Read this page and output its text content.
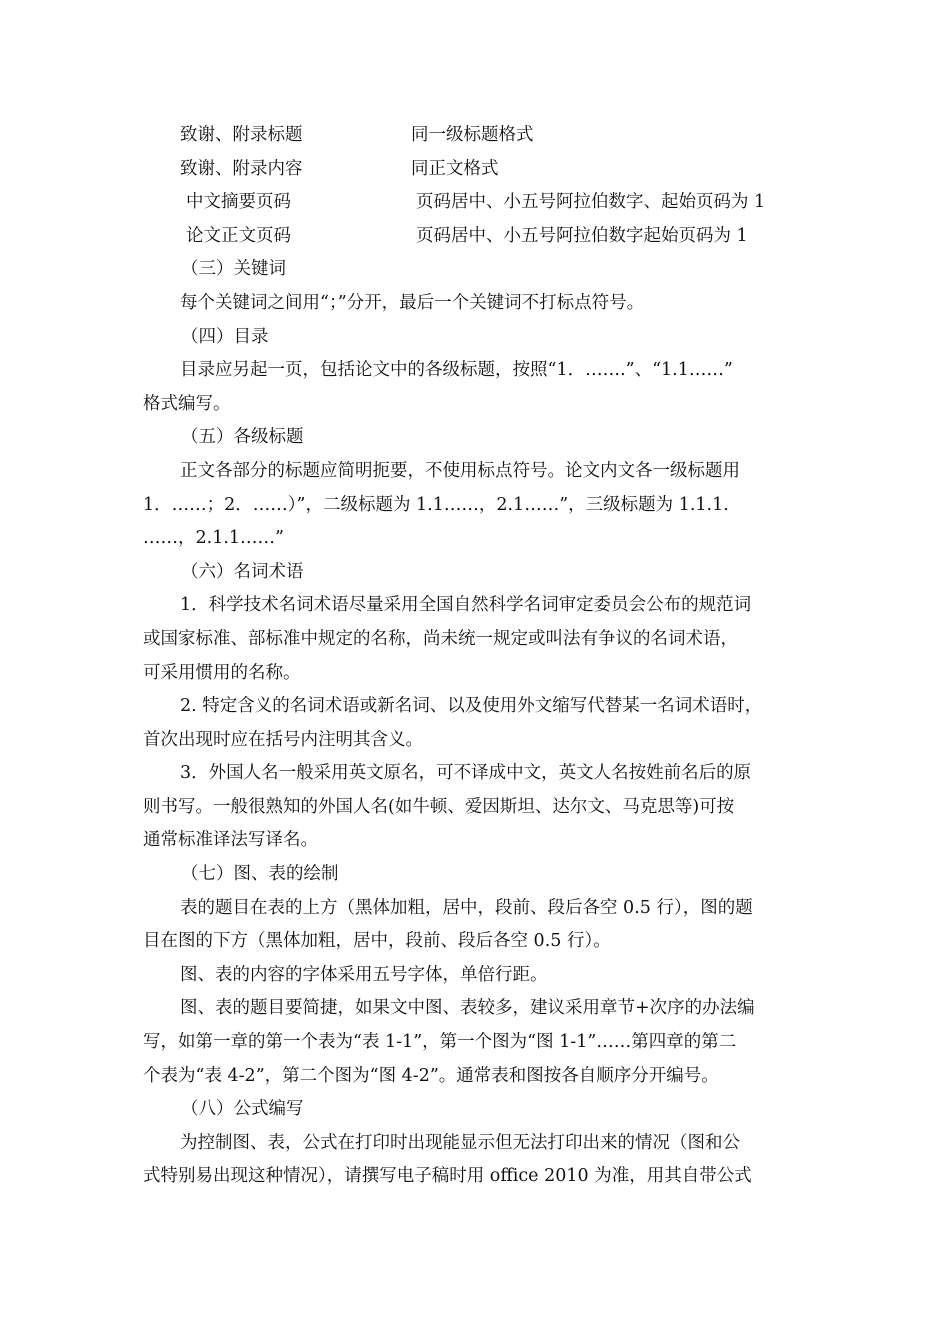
致谢、附录标题	同一级标题格式
致谢、附录内容	同正文格式
中文摘要页码	页码居中、小五号阿拉伯数字、起始页码为 1
论文正文页码	页码居中、小五号阿拉伯数字起始页码为 1
（三）关键词
每个关键词之间用“；”分开，最后一个关键词不打标点符号。
（四）目录
目录应另起一页，包括论文中的各级标题，按照“1．…….”、“1.1……”
格式编写。
（五）各级标题
正文各部分的标题应简明扼要，不使用标点符号。论文内文各一级标题用
1．……；2．……）”，二级标题为 1.1……，2.1……”，三级标题为 1.1.1.
……，2.1.1……”
（六）名词术语
1．科学技术名词术语尽量采用全国自然科学名词审定委员会公布的规范词
或国家标准、部标准中规定的名称，尚未统一规定或叫法有争议的名词术语，
可采用惯用的名称。
2. 特定含义的名词术语或新名词、以及使用外文缩写代替某一名词术语时，
首次出现时应在括号内注明其含义。
3．外国人名一般采用英文原名，可不译成中文，英文人名按姓前名后的原
则书写。一般很熟知的外国人名(如牛顿、爱因斯坦、达尔文、马克思等)可按
通常标准译法写译名。
（七）图、表的绘制
表的题目在表的上方（黑体加粗，居中，段前、段后各空 0.5 行），图的题
目在图的下方（黑体加粗，居中，段前、段后各空 0.5 行）。
图、表的内容的字体采用五号字体，单倍行距。
图、表的题目要简捷，如果文中图、表较多，建议采用章节+次序的办法编
写，如第一章的第一个表为“表 1-1”，第一个图为“图 1-1”……第四章的第二
个表为“表 4-2”，第二个图为“图 4-2”。通常表和图按各自顺序分开编号。
（八）公式编写
为控制图、表，公式在打印时出现能显示但无法打印出来的情况（图和公
式特别易出现这种情况），请撰写电子稿时用 office 2010 为准，用其自带公式
